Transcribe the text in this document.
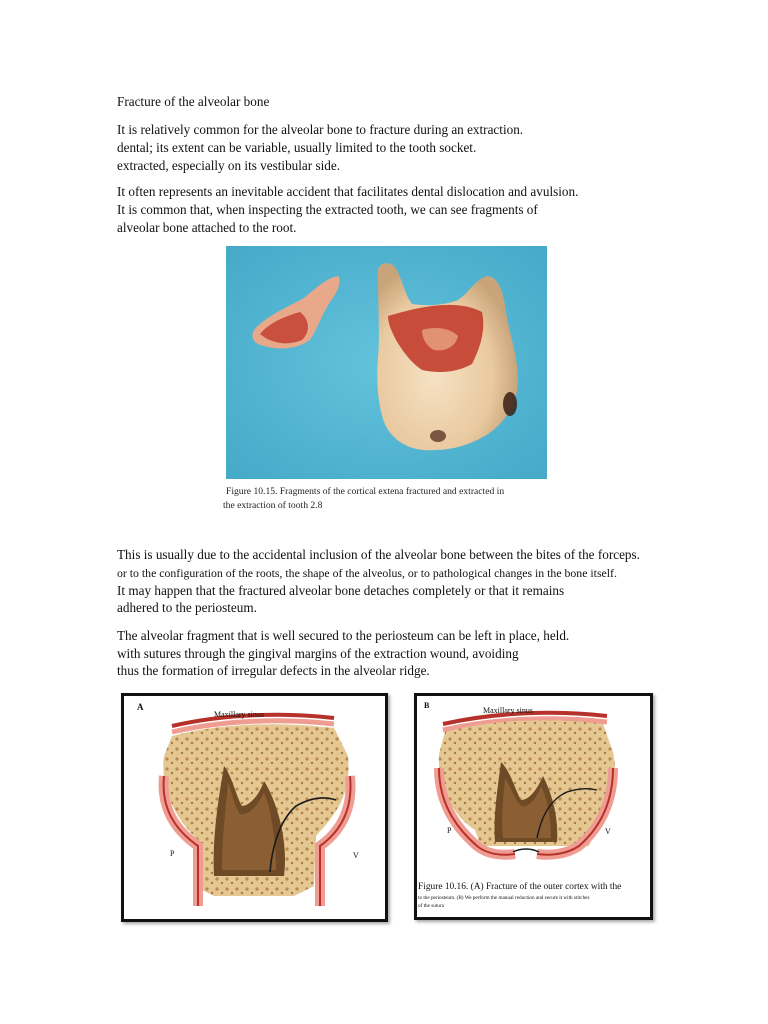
Fracture of the alveolar bone
It is relatively common for the alveolar bone to fracture during an extraction.
dental; its extent can be variable, usually limited to the tooth socket.
extracted, especially on its vestibular side.
It often represents an inevitable accident that facilitates dental dislocation and avulsion.
It is common that, when inspecting the extracted tooth, we can see fragments of
alveolar bone attached to the root.
Figure 10.15. Fragments of the cortical extena fractured and extracted in
the extraction of tooth 2.8
This is usually due to the accidental inclusion of the alveolar bone between the bites of the forceps.
or to the configuration of the roots, the shape of the alveolus, or to pathological changes in the bone itself.
It may happen that the fractured alveolar bone detaches completely or that it remains
adhered to the periosteum.
The alveolar fragment that is well secured to the periosteum can be left in place, held.
with sutures through the gingival margins of the extraction wound, avoiding
thus the formation of irregular defects in the alveolar ridge.
A
Maxillary sinus
P	V
B
Maxillary sinus
P	V
Figure 10.16. (A) Fracture of the outer cortex with the
to the periosteum. (B) We perform the manual reduction and secure it with stitches
of the sutura
